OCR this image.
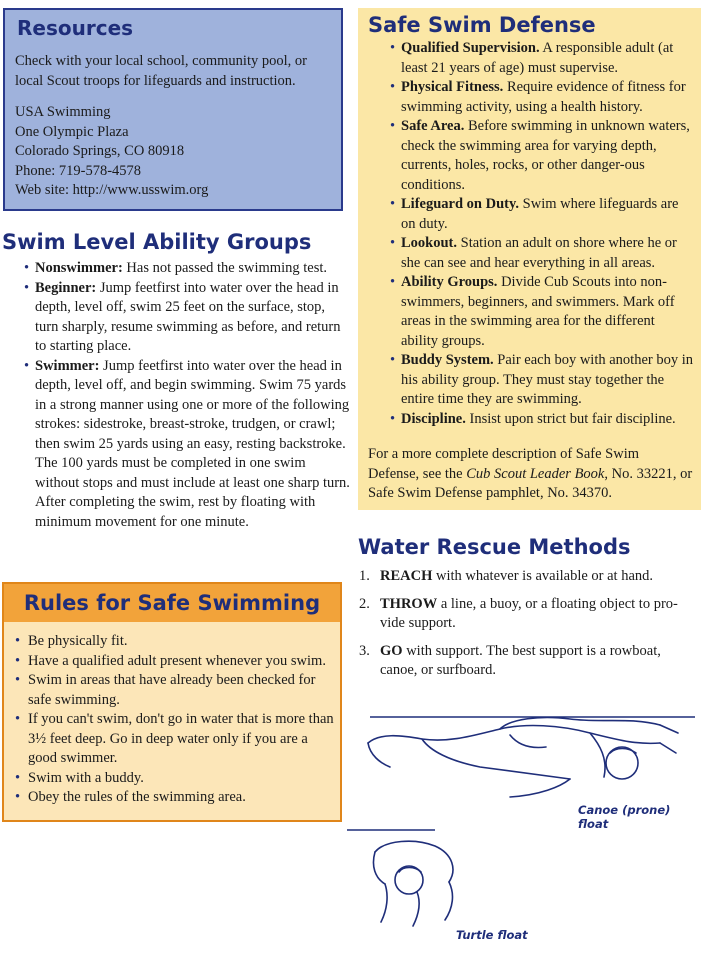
Resources

Check with your local school, community pool, or local Scout troops for lifeguards and instruction.

USA Swimming

One Olympic Plaza

Colorado Springs, CO 80918

Phone: 719-578-4578

Web site: http://www.usswim.org

Swim Level Ability Groups
• Nonswimmer: Has not passed the swimming test.
• Beginner: Jump feetfirst into water over the head in depth, level off, swim 25 feet on the surface, stop, turn sharply, resume swimming as before, and return to starting place.
• Swimmer: Jump feetfirst into water over the head in depth, level off, and begin swimming. Swim 75 yards in a strong manner using one or more of the following strokes: sidestroke, breast-stroke, trudgen, or crawl; then swim 25 yards using an easy, resting backstroke. The 100 yards must be completed in one swim without stops and must include at least one sharp turn. After completing the swim, rest by floating with minimum movement for one minute.
Rules for Safe Swimming
• Be physically fit.
• Have a qualified adult present whenever you swim.
• Swim in areas that have already been checked for safe swimming.
• If you can't swim, don't go in water that is more than 3½ feet deep. Go in deep water only if you are a good swimmer.
• Swim with a buddy.
• Obey the rules of the swimming area.
Safe Swim Defense
• Qualified Supervision. A responsible adult (at least 21 years of age) must supervise.
• Physical Fitness. Require evidence of fitness for swimming activity, using a health history.
• Safe Area. Before swimming in unknown waters, check the swimming area for varying depth, currents, holes, rocks, or other danger-ous conditions.
• Lifeguard on Duty. Swim where lifeguards are on duty.
• Lookout. Station an adult on shore where he or she can see and hear everything in all areas.
• Ability Groups. Divide Cub Scouts into non-swimmers, beginners, and swimmers. Mark off areas in the swimming area for the different ability groups.
• Buddy System. Pair each boy with another boy in his ability group. They must stay together the entire time they are swimming.
• Discipline. Insist upon strict but fair discipline.

For a more complete description of Safe Swim Defense, see the Cub Scout Leader Book, No. 33221, or Safe Swim Defense pamphlet, No. 34370.

Water Rescue Methods
1. REACH with whatever is available or at hand.
2. THROW a line, a buoy, or a floating object to pro-vide support.
3. GO with support. The best support is a rowboat, canoe, or surfboard.
Canoe (prone) float
Turtle float
